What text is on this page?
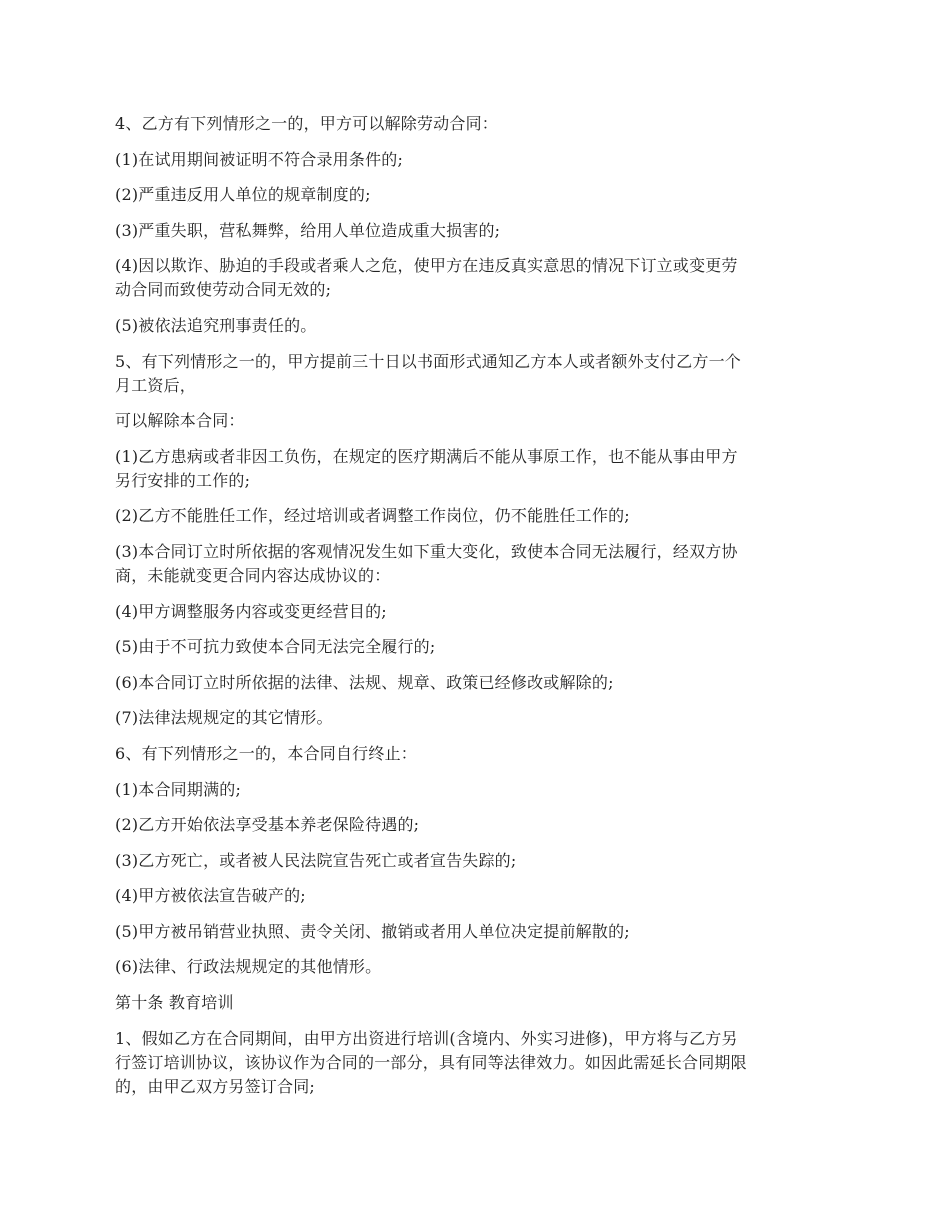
4、乙方有下列情形之一的，甲方可以解除劳动合同：

(1)在试用期间被证明不符合录用条件的;

(2)严重违反用人单位的规章制度的;

(3)严重失职，营私舞弊，给用人单位造成重大损害的;

(4)因以欺诈、胁迫的手段或者乘人之危，使甲方在违反真实意思的情况下订立或变更劳
动合同而致使劳动合同无效的;

(5)被依法追究刑事责任的。

5、有下列情形之一的，甲方提前三十日以书面形式通知乙方本人或者额外支付乙方一个
月工资后，

可以解除本合同：

(1)乙方患病或者非因工负伤，在规定的医疗期满后不能从事原工作，也不能从事由甲方
另行安排的工作的;

(2)乙方不能胜任工作，经过培训或者调整工作岗位，仍不能胜任工作的;

(3)本合同订立时所依据的客观情况发生如下重大变化，致使本合同无法履行，经双方协
商，未能就变更合同内容达成协议的：

(4)甲方调整服务内容或变更经营目的;

(5)由于不可抗力致使本合同无法完全履行的;

(6)本合同订立时所依据的法律、法规、规章、政策已经修改或解除的;

(7)法律法规规定的其它情形。

6、有下列情形之一的，本合同自行终止：

(1)本合同期满的;

(2)乙方开始依法享受基本养老保险待遇的;

(3)乙方死亡，或者被人民法院宣告死亡或者宣告失踪的;

(4)甲方被依法宣告破产的;

(5)甲方被吊销营业执照、责令关闭、撤销或者用人单位决定提前解散的;

(6)法律、行政法规规定的其他情形。

第十条 教育培训

1、假如乙方在合同期间，由甲方出资进行培训(含境内、外实习进修)，甲方将与乙方另
行签订培训协议，该协议作为合同的一部分，具有同等法律效力。如因此需延长合同期限
的，由甲乙双方另签订合同;
